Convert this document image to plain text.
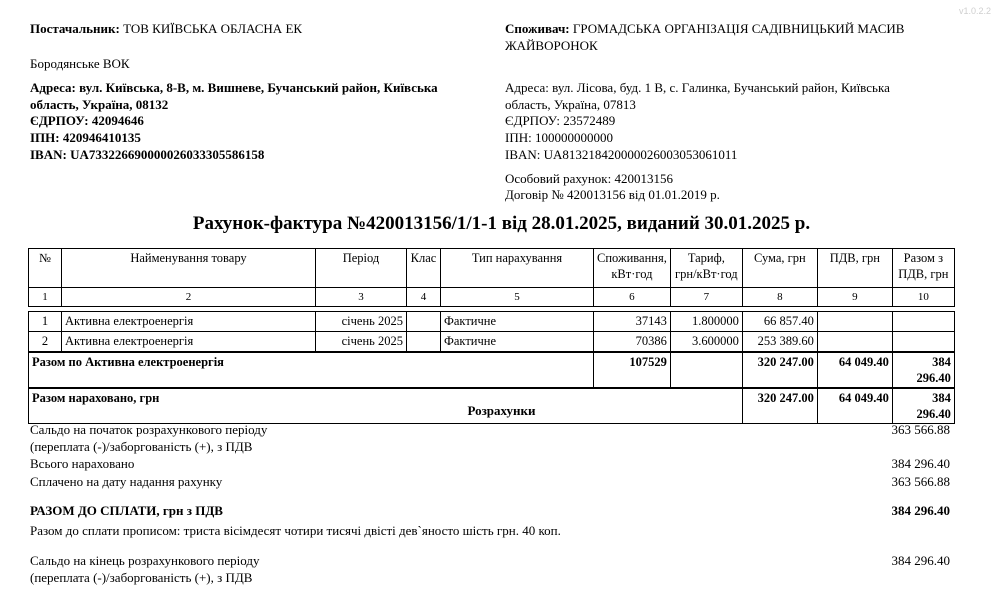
v1.0.2.2
Постачальник: ТОВ КИЇВСЬКА ОБЛАСНА ЕК
Бородянське ВОК
Адреса: вул. Київська, 8-В, м. Вишневе, Бучанський район, Київська
область, Україна, 08132
ЄДРПОУ: 42094646
ІПН: 420946410135
IBAN: UA733226690000026033305586158
Споживач: ГРОМАДСЬКА ОРГАНІЗАЦІЯ САДІВНИЦЬКИЙ МАСИВ
ЖАЙВОРОНОК
Адреса: вул. Лісова, буд. 1 В, с. Галинка, Бучанський район, Київська
область, Україна, 07813
ЄДРПОУ: 23572489
ІПН: 100000000000
IBAN: UA813218420000026003053061011
Особовий рахунок: 420013156
Договір № 420013156 від 01.01.2019 р.
Рахунок-фактура №420013156/1/1-1 від 28.01.2025, виданий 30.01.2025 р.
№	Найменування товару	Період	Клас	Тип нарахування	Споживання,
кВт·год	Тариф,
грн/кВт·год	Сума, грн	ПДВ, грн	Разом з
ПДВ, грн
1	2	3	4	5	6	7	8	9	10

1	Активна електроенергія	січень 2025		Фактичне	37143	1.800000	66 857.40		
2	Активна електроенергія	січень 2025		Фактичне	70386	3.600000	253 389.60		
Разом по Активна електроенергія					107529		320 247.00	64 049.40	384 296.40
Разом нараховано, грн							320 247.00	64 049.40	384 296.40
Розрахунки
Сальдо на початок розрахункового періоду
(переплата (-)/заборгованість (+), з ПДВ
363 566.88
Всього нараховано	384 296.40
Сплачено на дату надання рахунку	363 566.88
РАЗОМ ДО СПЛАТИ, грн з ПДВ	384 296.40
Разом до сплати прописом: триста вісімдесят чотири тисячі двісті дев`яносто шість грн. 40 коп.
Сальдо на кінець розрахункового періоду
(переплата (-)/заборгованість (+), з ПДВ
384 296.40
